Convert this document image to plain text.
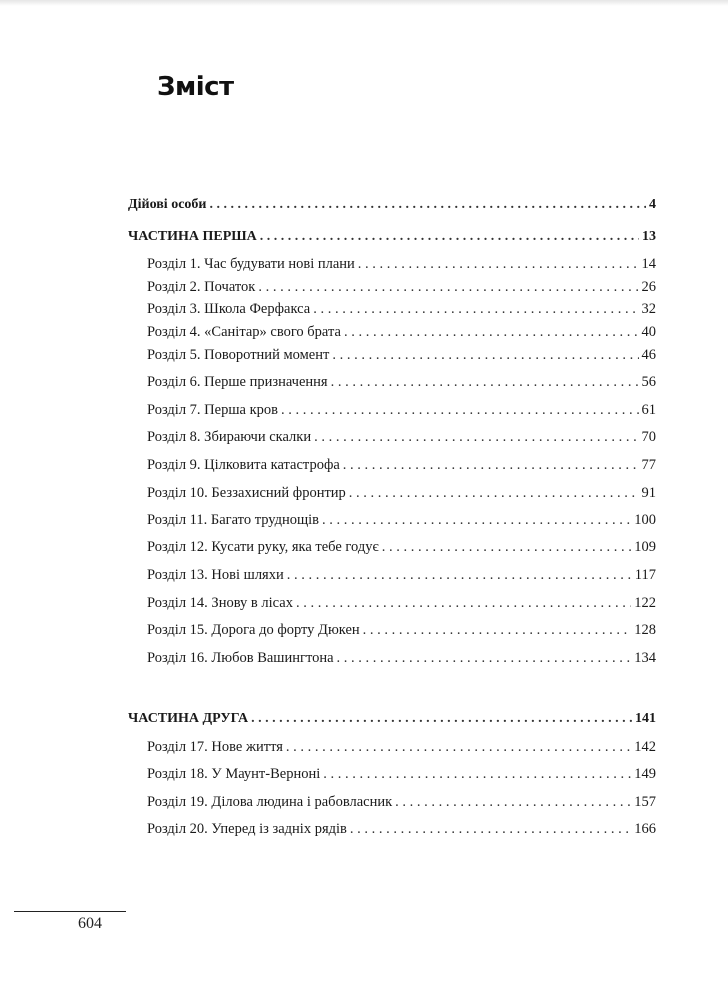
Зміст
Дійові особи . . .	4
ЧАСТИНА ПЕРША . . .	13
Розділ 1. Час будувати нові плани . . .	14
Розділ 2. Початок . . .	26
Розділ 3. Школа Ферфакса . . .	32
Розділ 4. «Санітар» свого брата . . .	40
Розділ 5. Поворотний момент . . .	46
Розділ 6. Перше призначення . . .	56
Розділ 7. Перша кров . . .	61
Розділ 8. Збираючи скалки . . .	70
Розділ 9. Цілковита катастрофа . . .	77
Розділ 10. Беззахисний фронтир . . .	91
Розділ 11. Багато труднощів . . .	100
Розділ 12. Кусати руку, яка тебе годує . . .	109
Розділ 13. Нові шляхи . . .	117
Розділ 14. Знову в лісах . . .	122
Розділ 15. Дорога до форту Дюкен . . .	128
Розділ 16. Любов Вашингтона . . .	134
ЧАСТИНА ДРУГА . . .	141
Розділ 17. Нове життя . . .	142
Розділ 18. У Маунт-Верноні . . .	149
Розділ 19. Ділова людина і рабовласник . . .	157
Розділ 20. Уперед із задніх рядів . . .	166
604
